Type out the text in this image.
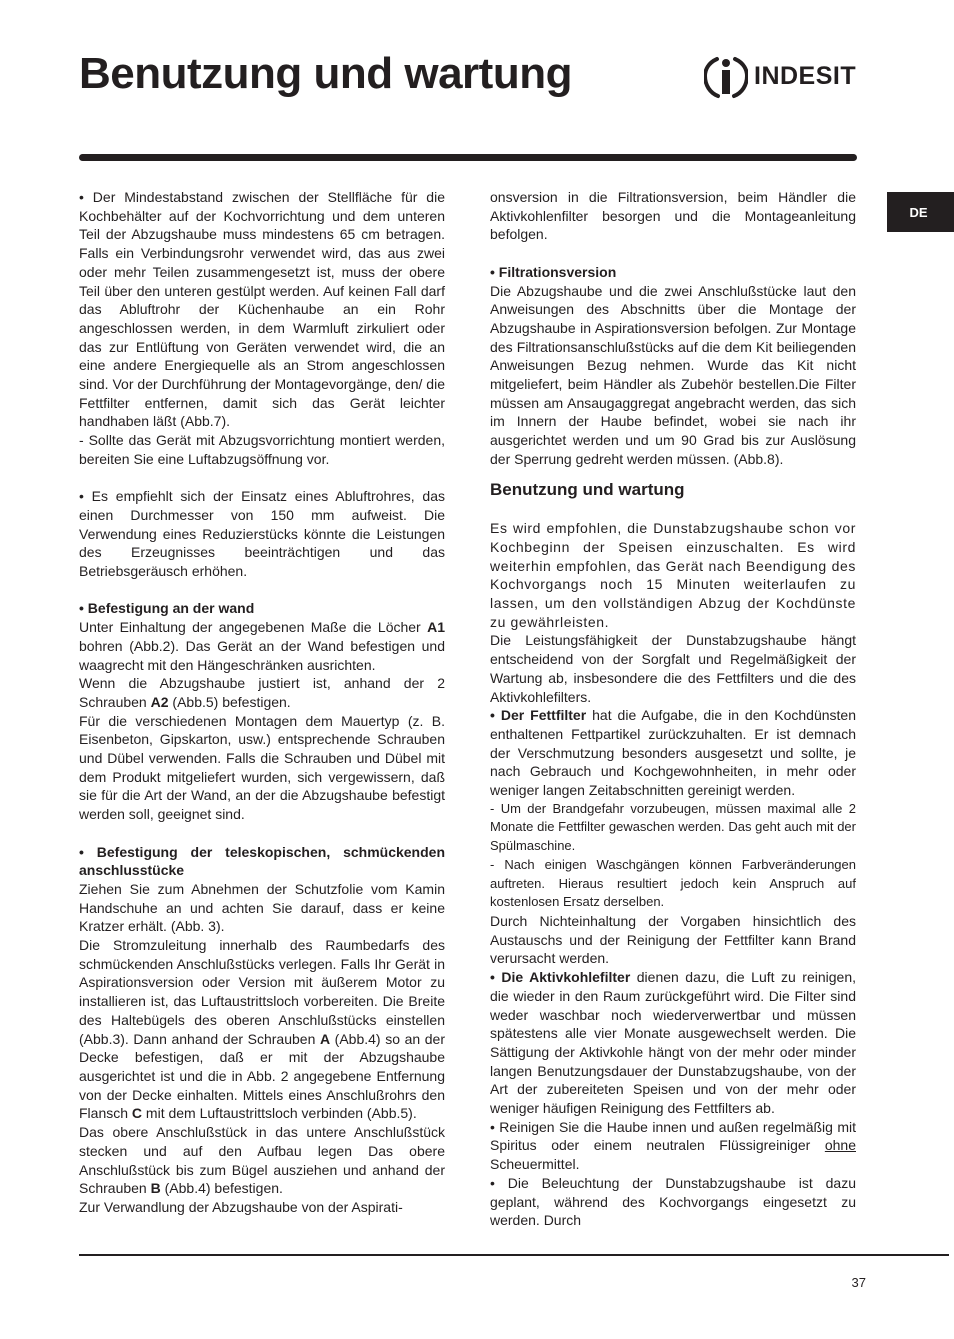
Benutzung und wartung	INDESIT
DE

• Der Mindestabstand zwischen der Stellfläche für die Kochbehälter auf der Kochvorrichtung und dem unteren Teil der Abzugshaube muss mindestens 65 cm betragen. Falls ein Verbindungsrohr verwendet wird, das aus zwei oder mehr Teilen zusammengesetzt ist, muss der obere Teil über den unteren gestülpt werden. Auf keinen Fall darf das Abluftrohr der Küchenhaube an ein Rohr angeschlossen werden, in dem Warmluft zirkuliert oder das zur Entlüftung von Geräten verwendet wird, die an eine andere Energiequelle als an Strom angeschlossen sind. Vor der Durchführung der Montagevorgänge, den/ die Fettfilter entfernen, damit sich das Gerät leichter handhaben läßt (Abb.7).

- Sollte das Gerät mit Abzugsvorrichtung montiert werden, bereiten Sie eine Luftabzugsöffnung vor.

• Es empfiehlt sich der Einsatz eines Abluftrohres, das einen Durchmesser von 150 mm aufweist. Die Verwendung eines Reduzierstücks könnte die Leistungen des Erzeugnisses beeinträchtigen und das Betriebsgeräusch erhöhen.

• Befestigung an der wand

Unter Einhaltung der angegebenen Maße die Löcher A1 bohren (Abb.2). Das Gerät an der Wand befestigen und waagrecht mit den Hängeschränken ausrichten.

Wenn die Abzugshaube justiert ist, anhand der 2 Schrauben A2 (Abb.5) befestigen.

Für die verschiedenen Montagen dem Mauertyp (z. B. Eisenbeton, Gipskarton, usw.) entsprechende Schrauben und Dübel verwenden. Falls die Schrauben und Dübel mit dem Produkt mitgeliefert wurden, sich vergewissern, daß sie für die Art der Wand, an der die Abzugshaube befestigt werden soll, geeignet sind.

• Befestigung der teleskopischen, schmückenden anschlusstücke

Ziehen Sie zum Abnehmen der Schutzfolie vom Kamin Handschuhe an und achten Sie darauf, dass er keine Kratzer erhält. (Abb. 3).

Die Stromzuleitung innerhalb des Raumbedarfs des schmückenden Anschlußstücks verlegen. Falls Ihr Gerät in Aspirationsversion oder Version mit äußerem Motor zu installieren ist, das Luftaustrittsloch vorbereiten. Die Breite des Haltebügels des oberen Anschlußstücks einstellen (Abb.3). Dann anhand der Schrauben A (Abb.4) so an der Decke befestigen, daß er mit der Abzugshaube ausgerichtet ist und die in Abb. 2 angegebene Entfernung von der Decke einhalten. Mittels eines Anschlußrohrs den Flansch C mit dem Luftaustrittsloch verbinden (Abb.5).

Das obere Anschlußstück in das untere Anschlußstück stecken und auf den Aufbau legen Das obere Anschlußstück bis zum Bügel ausziehen und anhand der Schrauben B (Abb.4) befestigen.

Zur Verwandlung der Abzugshaube von der Aspirati-

onsversion in die Filtrationsversion, beim Händler die Aktivkohlenfilter besorgen und die Montageanleitung befolgen.

• Filtrationsversion

Die Abzugshaube und die zwei Anschlußstücke laut den Anweisungen des Abschnitts über die Montage der Abzugshaube in Aspirationsversion befolgen. Zur Montage des Filtrationsanschlußstücks auf die dem Kit beiliegenden Anweisungen Bezug nehmen. Wurde das Kit nicht mitgeliefert, beim Händler als Zubehör bestellen.Die Filter müssen am Ansaugaggregat angebracht werden, das sich im Innern der Haube befindet, wobei sie nach ihr ausgerichtet werden und um 90 Grad bis zur Auslösung der Sperrung gedreht werden müssen. (Abb.8).

Benutzung und wartung

Es wird empfohlen, die Dunstabzugshaube schon vor Kochbeginn der Speisen einzuschalten. Es wird weiterhin empfohlen, das Gerät nach Beendigung des Kochvorgangs noch 15 Minuten weiterlaufen zu lassen, um den vollständigen Abzug der Kochdünste zu gewährleisten.

Die Leistungsfähigkeit der Dunstabzugshaube hängt entscheidend von der Sorgfalt und Regelmäßigkeit der Wartung ab, insbesondere die des Fettfilters und die des Aktivkohlefilters.

• Der Fettfilter hat die Aufgabe, die in den Kochdünsten enthaltenen Fettpartikel zurückzuhalten. Er ist demnach der Verschmutzung besonders ausgesetzt und sollte, je nach Gebrauch und Kochgewohnheiten, in mehr oder weniger langen Zeitabschnitten gereinigt werden.

- Um der Brandgefahr vorzubeugen, müssen maximal alle 2 Monate die Fettfilter gewaschen werden. Das geht auch mit der Spülmaschine.

- Nach einigen Waschgängen können Farbveränderungen auftreten. Hieraus resultiert jedoch kein Anspruch auf kostenlosen Ersatz derselben.

Durch Nichteinhaltung der Vorgaben hinsichtlich des Austauschs und der Reinigung der Fettfilter kann Brand verursacht werden.

• Die Aktivkohlefilter dienen dazu, die Luft zu reinigen, die wieder in den Raum zurückgeführt wird. Die Filter sind weder waschbar noch wiederverwertbar und müssen spätestens alle vier Monate ausgewechselt werden. Die Sättigung der Aktivkohle hängt von der mehr oder minder langen Benutzungsdauer der Dunstabzugshaube, von der Art der zubereiteten Speisen und von der mehr oder weniger häufigen Reinigung des Fettfilters ab.

• Reinigen Sie die Haube innen und außen regelmäßig mit Spiritus oder einem neutralen Flüssigreiniger ohne Scheuermittel.

• Die Beleuchtung der Dunstabzugshaube ist dazu geplant, während des Kochvorgangs eingesetzt zu werden. Durch

37
